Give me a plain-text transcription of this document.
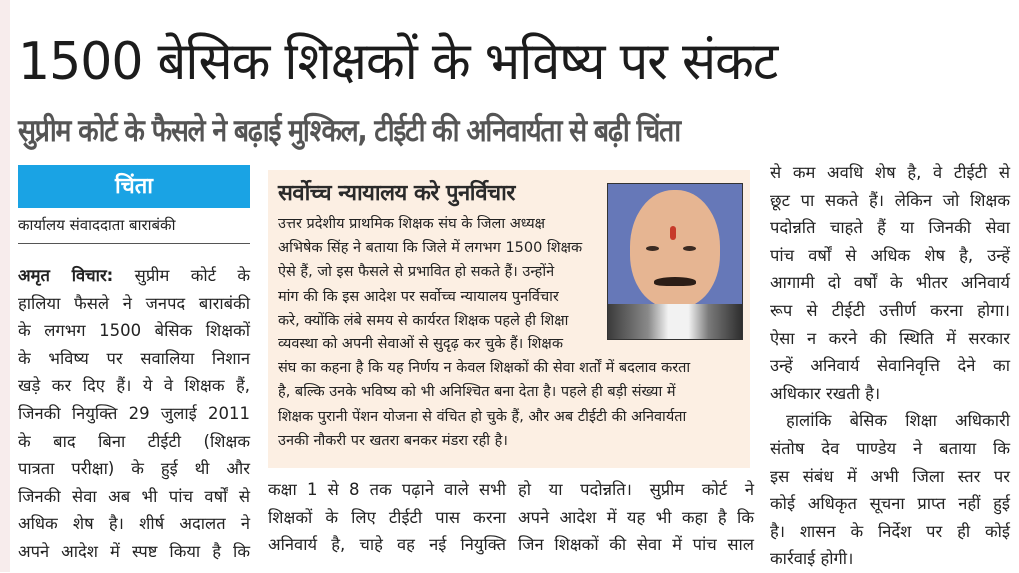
1500 बेसिक शिक्षकों के भविष्य पर संकट
सुप्रीम कोर्ट के फैसले ने बढ़ाई मुश्किल, टीईटी की अनिवार्यता से बढ़ी चिंता
चिंता
कार्यालय संवाददाता बाराबंकी

अमृत विचार: सुप्रीम कोर्ट के

हालिया फैसले ने जनपद बाराबंकी

के लगभग 1500 बेसिक शिक्षकों

के भविष्य पर सवालिया निशान

खड़े कर दिए हैं। ये वे शिक्षक हैं,

जिनकी नियुक्ति 29 जुलाई 2011

के बाद बिना टीईटी (शिक्षक

पात्रता परीक्षा) के हुई थी और

जिनकी सेवा अब भी पांच वर्षों से

अधिक शेष है। शीर्ष अदालत ने

अपने आदेश में स्पष्ट किया है कि

सर्वोच्च न्यायालय करे पुनर्विचार

उत्तर प्रदेशीय प्राथमिक शिक्षक संघ के जिला अध्यक्ष

अभिषेक सिंह ने बताया कि जिले में लगभग 1500 शिक्षक

ऐसे हैं, जो इस फैसले से प्रभावित हो सकते हैं। उन्होंने

मांग की कि इस आदेश पर सर्वोच्च न्यायालय पुनर्विचार

करे, क्योंकि लंबे समय से कार्यरत शिक्षक पहले ही शिक्षा

व्यवस्था को अपनी सेवाओं से सुदृढ़ कर चुके हैं। शिक्षक

संघ का कहना है कि यह निर्णय न केवल शिक्षकों की सेवा शर्तों में बदलाव करता

है, बल्कि उनके भविष्य को भी अनिश्चित बना देता है। पहले ही बड़ी संख्या में

शिक्षक पुरानी पेंशन योजना से वंचित हो चुके हैं, और अब टीईटी की अनिवार्यता

उनकी नौकरी पर खतरा बनकर मंडरा रही है।

कक्षा 1 से 8 तक पढ़ाने वाले सभी

शिक्षकों के लिए टीईटी पास करना

अनिवार्य है, चाहे वह नई नियुक्ति

हो या पदोन्नति। सुप्रीम कोर्ट ने

अपने आदेश में यह भी कहा है कि

जिन शिक्षकों की सेवा में पांच साल

से कम अवधि शेष है, वे टीईटी से

छूट पा सकते हैं। लेकिन जो शिक्षक

पदोन्नति चाहते हैं या जिनकी सेवा

पांच वर्षों से अधिक शेष है, उन्हें

आगामी दो वर्षों के भीतर अनिवार्य

रूप से टीईटी उत्तीर्ण करना होगा।

ऐसा न करने की स्थिति में सरकार

उन्हें अनिवार्य सेवानिवृत्ति देने का

अधिकार रखती है।

हालांकि बेसिक शिक्षा अधिकारी

संतोष देव पाण्डेय ने बताया कि

इस संबंध में अभी जिला स्तर पर

कोई अधिकृत सूचना प्राप्त नहीं हुई

है। शासन के निर्देश पर ही कोई

कार्रवाई होगी।
